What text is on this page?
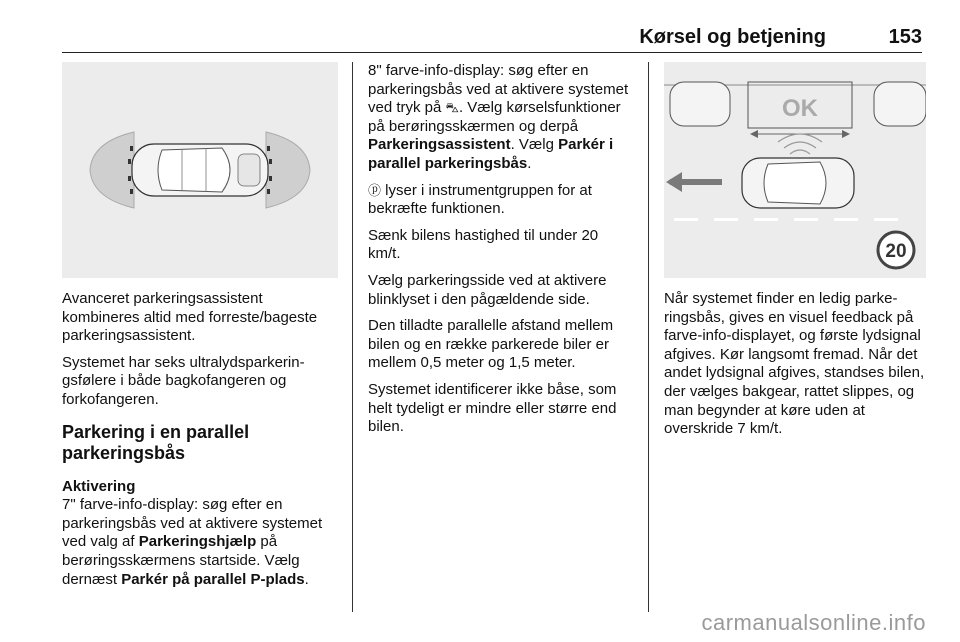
Kørsel og betjening	153

Avanceret parkeringsassistent kombineres altid med forreste/bageste parkeringsassistent.

Systemet har seks ultralydsparkeringsfølere i både bagkofangeren og forkofangeren.

Parkering i en parallel parkeringsbås

Aktivering

7" farve-info-display: søg efter en parkeringsbås ved at aktivere systemet ved valg af Parkeringshjælp på berøringsskærmens startside. Vælg dernæst Parkér på parallel P-plads.

8" farve-info-display: søg efter en parkeringsbås ved at aktivere systemet ved tryk på ⛍. Vælg kørselsfunktioner på berøringsskærmen og derpå Parkeringsassistent. Vælg Parkér i parallel parkeringsbås.

ⓟ lyser i instrumentgruppen for at bekræfte funktionen.

Sænk bilens hastighed til under 20 km/t.

Vælg parkeringsside ved at aktivere blinklyset i den pågældende side.

Den tilladte parallelle afstand mellem bilen og en række parkerede biler er mellem 0,5 meter og 1,5 meter.

Systemet identificerer ikke båse, som helt tydeligt er mindre eller større end bilen.

OK
20

Når systemet finder en ledig parkeringsbås, gives en visuel feedback på farve-info-displayet, og første lydsignal afgives. Kør langsomt fremad. Når det andet lydsignal afgives, standses bilen, der vælges bakgear, rattet slippes, og man begynder at køre uden at overskride 7 km/t.

carmanualsonline.info
